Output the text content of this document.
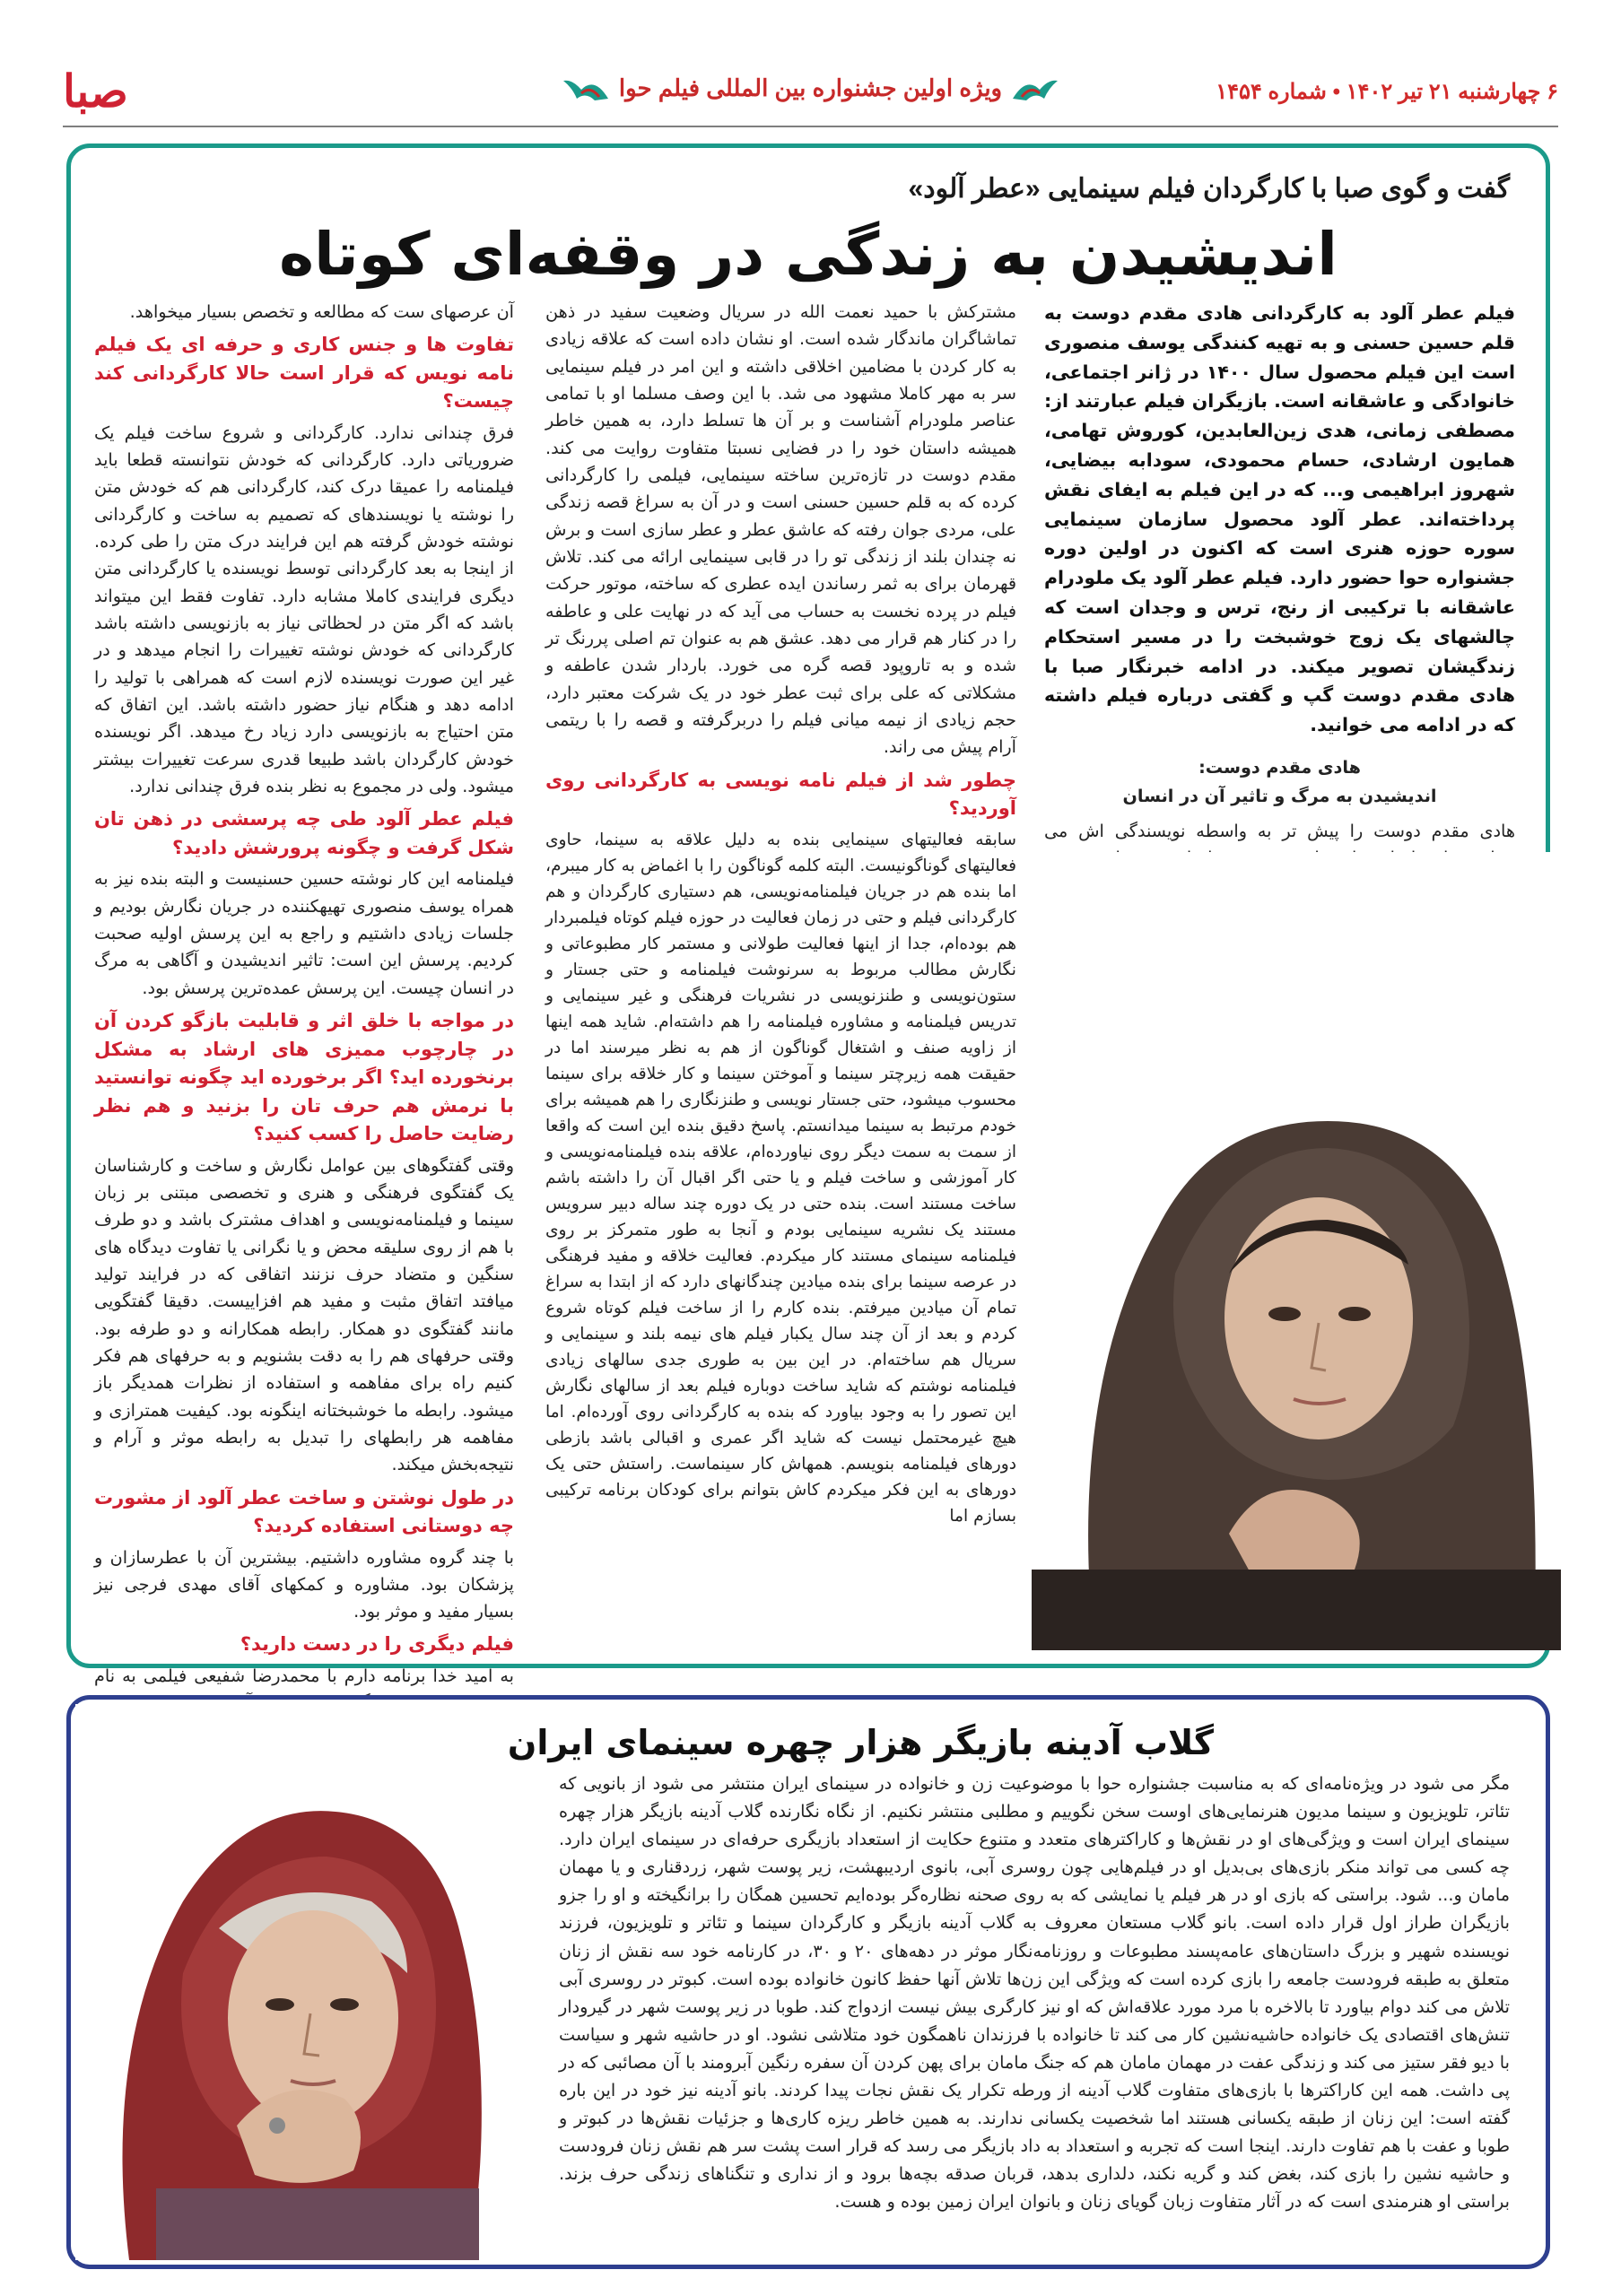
۶ چهارشنبه ۲۱ تیر ۱۴۰۲ • شماره ۱۴۵۴
ویژه اولین جشنواره بین المللی فیلم حوا
صبا
گفت و گوی صبا با کارگردان فیلم سینمایی «عطر آلود»
اندیشیدن به زندگی در وقفه‌ای کوتاه

فیلم عطر آلود به کارگردانی هادی مقدم دوست به قلم حسین حسنی و به تهیه کنندگی یوسف منصوری است این فیلم محصول سال ۱۴۰۰ در ژانر اجتماعی، خانوادگی و عاشقانه است. بازیگران فیلم عبارتند از: مصطفی زمانی، هدی زین‌العابدین، کوروش تهامی، همایون ارشادی، حسام محمودی، سودابه بیضایی، شهروز ابراهیمی و... که در این فیلم به ایفای نقش پرداخته‌اند. عطر آلود محصول سازمان سینمایی سوره حوزه هنری است که اکنون در اولین دوره جشنواره حوا حضور دارد. فیلم عطر آلود یک ملودرام عاشقانه با ترکیبی از رنج، ترس و وجدان است که چالشهای یک زوج خوشبخت را در مسیر استحکام زندگیشان تصویر میکند. در ادامه خبرنگار صبا با هادی مقدم دوست گپ و گفتی درباره فیلم داشته که در ادامه می خوانید.

هادی مقدم دوست:
اندیشیدن به مرگ و تاثیر آن در انسان

هادی مقدم دوست را پیش تر به واسطه نویسندگی اش می

مشترکش با حمید نعمت الله در سریال وضعیت سفید در ذهن تماشاگران ماندگار شده است. او نشان داده است که علاقه زیادی به کار کردن با مضامین اخلاقی داشته و این امر در فیلم سینمایی سر به مهر کاملا مشهود می شد. با این وصف مسلما او با تمامی عناصر ملودرام آشناست و بر آن ها تسلط دارد، به همین خاطر همیشه داستان خود را در فضایی نسبتا متفاوت روایت می کند. مقدم دوست در تازه‌ترین ساخته سینمایی، فیلمی را کارگردانی کرده که به قلم حسین حسنی است و در آن به سراغ قصه زندگی علی، مردی جوان رفته که عاشق عطر و عطر سازی است و برش نه چندان بلند از زندگی تو را در قابی سینمایی ارائه می کند. تلاش قهرمان برای به ثمر رساندن ایده عطری که ساخته، موتور حرکت فیلم در پرده نخست به حساب می آید که در نهایت علی و عاطفه را در کنار هم قرار می دهد. عشق هم به عنوان تم اصلی پررنگ تر شده و به تاروپود قصه گره می خورد. باردار شدن عاطفه و مشکلاتی که علی برای ثبت عطر خود در یک شرکت معتبر دارد، حجم زیادی از نیمه میانی فیلم را دربرگرفته و قصه را با ریتمی آرام پیش می راند.

چطور شد از فیلم نامه نویسی به کارگردانی روی آوردید؟

سابقه فعالیتهای سینمایی بنده به دلیل علاقه به سینما، حاوی فعالیتهای گوناگونیست. البته کلمه گوناگون را با اغماض به کار میبرم، اما بنده هم در جریان فیلمنامه‌نویسی، هم دستیاری کارگردان و هم کارگردانی فیلم و حتی در زمان فعالیت در حوزه فیلم کوتاه فیلمبردار هم بوده‌ام، جدا از اینها فعالیت طولانی و مستمر کار مطبوعاتی و نگارش مطالب مربوط به سرنوشت فیلمنامه و حتی جستار و ستون‌نویسی و طنزنویسی در نشریات فرهنگی و غیر سینمایی و تدریس فیلمنامه و مشاوره فیلمنامه را هم داشته‌ام. شاید همه اینها از زاویه صنف و اشتغال گوناگون از هم به نظر میرسند اما در حقیقت همه زیرچتر سینما و آموختن سینما و کار خلاقه برای سینما محسوب میشود، حتی جستار نویسی و طنزنگاری را هم همیشه برای خودم مرتبط به سینما میدانستم. پاسخ دقیق بنده این است که واقعا از سمت به سمت دیگر روی نیاورده‌ام، علاقه بنده فیلمنامه‌نویسی و کار آموزشی و ساخت فیلم و یا حتی اگر اقبال آن را داشته باشم ساخت مستند است. بنده حتی در یک دوره چند ساله دبیر سرویس مستند یک نشریه سینمایی بودم و آنجا به طور متمرکز بر روی فیلمنامه سینمای مستند کار میکردم. فعالیت خلاقه و مفید فرهنگی در عرصه سینما برای بنده میادین چندگانهای دارد که از ابتدا به سراغ تمام آن میادین میرفتم. بنده کارم را از ساخت فیلم کوتاه شروع کردم و بعد از آن چند سال یکبار فیلم های نیمه بلند و سینمایی و سریال هم ساخته‌ام. در این بین به طوری جدی سالهای زیادی فیلمنامه نوشتم که شاید ساخت دوباره فیلم بعد از سالهای نگارش این تصور را به وجود بیاورد که بنده به کارگردانی روی آورده‌ام. اما هیچ غیرمحتمل نیست که شاید اگر عمری و اقبالی باشد بازطی دورهای فیلمنامه بنویسم. همهاش کار سینماست. راستش حتی یک دورهای به این فکر میکردم کاش بتوانم برای کودکان برنامه ترکیبی بسازم اما

آن عرصهای ست که مطالعه و تخصص بسیار میخواهد.

تفاوت ها و جنس کاری و حرفه ای یک فیلم نامه نویس که قرار است حالا کارگردانی کند چیست؟

فرق چندانی ندارد. کارگردانی و شروع ساخت فیلم یک ضروریاتی دارد. کارگردانی که خودش نتوانسته قطعا باید فیلمنامه را عمیقا درک کند، کارگردانی هم که خودش متن را نوشته یا نویسندهای که تصمیم به ساخت و کارگردانی نوشته خودش گرفته هم این فرایند درک متن را طی کرده. از اینجا به بعد کارگردانی توسط نویسنده یا کارگردانی متن دیگری فرایندی کاملا مشابه دارد. تفاوت فقط این میتواند باشد که اگر متن در لحظاتی نیاز به بازنویسی داشته باشد کارگردانی که خودش نوشته تغییرات را انجام میدهد و در غیر این صورت نویسنده لازم است که همراهی با تولید را ادامه دهد و هنگام نیاز حضور داشته باشد. این اتفاق که متن احتیاج به بازنویسی دارد زیاد رخ میدهد. اگر نویسنده خودش کارگردان باشد طبیعا قدری سرعت تغییرات بیشتر میشود. ولی در مجموع به نظر بنده فرق چندانی ندارد.

فیلم عطر آلود طی چه پرسشی در ذهن تان شکل گرفت و چگونه پرورشش دادید؟

فیلمنامه این کار نوشته حسین حسنیست و البته بنده نیز به همراه یوسف منصوری تهیهکننده در جریان نگارش بودیم و جلسات زیادی داشتیم و راجع به این پرسش اولیه صحبت کردیم. پرسش این است: تاثیر اندیشیدن و آگاهی به مرگ در انسان چیست. این پرسش عمده‌ترین پرسش بود.

در مواجه با خلق اثر و قابلیت بازگو کردن آن در چارچوب ممیزی های ارشاد به مشکل برنخورده اید؟ اگر برخورده اید چگونه توانستید با نرمش هم حرف تان را بزنید و هم نظر رضایت حاصل را کسب کنید؟

وقتی گفتگوهای بین عوامل نگارش و ساخت و کارشناسان یک گفتگوی فرهنگی و هنری و تخصصی مبتنی بر زبان سینما و فیلمنامه‌نویسی و اهداف مشترک باشد و دو طرف با هم از روی سلیقه محض و یا نگرانی یا تفاوت دیدگاه های سنگین و متضاد حرف نزنند اتفاقی که در فرایند تولید میافتد اتفاق مثبت و مفید هم افزاییست. دقیقا گفتگویی مانند گفتگوی دو همکار. رابطه همکارانه و دو طرفه بود. وقتی حرفهای هم را به دقت بشنویم و به حرفهای هم فکر کنیم راه برای مفاهمه و استفاده از نظرات همدیگر باز میشود. رابطه ما خوشبختانه اینگونه بود. کیفیت همترازی و مفاهمه هر رابطهای را تبدیل به رابطه موثر و آرام و نتیجه‌بخش میکند.

در طول نوشتن و ساخت عطر آلود از مشورت چه دوستانی استفاده کردید؟

با چند گروه مشاوره داشتیم. بیشترین آن با عطرسازان و پزشکان بود. مشاوره و کمکهای آقای مهدی فرجی نیز بسیار مفید و موثر بود.

فیلم دیگری را در دست دارید؟

به امید خدا برنامه دارم با محمدرضا شفیعی فیلمی به نام

گلاب آدینه بازیگر هزار چهره سینمای ایران
مگر می شود در ویژه‌نامه‌ای که به مناسبت جشنواره حوا با موضوعیت زن و خانواده در سینمای ایران منتشر می شود از بانویی که تئاتر، تلویزیون و سینما مدیون هنرنمایی‌های اوست سخن نگوییم و مطلبی منتشر نکنیم. از نگاه نگارنده گلاب آدینه بازیگر هزار چهره سینمای ایران است و ویژگی‌های او در نقش‌ها و کاراکترهای متعدد و متنوع حکایت از استعداد بازیگری حرفه‌ای در سینمای ایران دارد. چه کسی می تواند منکر بازی‌های بی‌بدیل او در فیلم‌هایی چون روسری آبی، بانوی اردیبهشت، زیر پوست شهر، زردقناری و یا مهمان مامان و... شود. براستی که بازی او در هر فیلم یا نمایشی که به روی صحنه نظاره‌گر بوده‌ایم تحسین همگان را برانگیخته و او را جزو بازیگران طراز اول قرار داده است. بانو گلاب مستعان معروف به گلاب آدینه بازیگر و کارگردان سینما و تئاتر و تلویزیون، فرزند نویسنده شهیر و بزرگ داستان‌های عامه‌پسند مطبوعات و روزنامه‌نگار موثر در دهه‌های ۲۰ و ۳۰، در کارنامه خود سه نقش از زنان متعلق به طبقه فرودست جامعه را بازی کرده است که ویژگی این زن‌ها تلاش آنها حفظ کانون خانواده بوده است. کبوتر در روسری آبی تلاش می کند دوام بیاورد تا بالاخره با مرد مورد علاقه‌اش که او نیز کارگری بیش نیست ازدواج کند. طوبا در زیر پوست شهر در گیرودار تنش‌های اقتصادی یک خانواده حاشیه‌نشین کار می کند تا خانواده با فرزندان ناهمگون خود متلاشی نشود. او در حاشیه شهر و سیاست با دیو فقر ستیز می کند و زندگی عفت در مهمان مامان هم که جنگ مامان برای پهن کردن آن سفره رنگین آبرومند با آن مصائبی که در پی داشت. همه این کاراکترها با بازی‌های متفاوت گلاب آدینه از ورطه تکرار یک نقش نجات پیدا کردند. بانو آدینه نیز خود در این باره گفته است: این زنان از طبقه یکسانی هستند اما شخصیت یکسانی ندارند. به همین خاطر ریزه کاری‌ها و جزئیات نقش‌ها در کبوتر و طوبا و عفت با هم تفاوت دارند. اینجا است که تجربه و استعداد به داد بازیگر می رسد که قرار است پشت سر هم نقش زنان فرودست و حاشیه نشین را بازی کند، بغض کند و گریه نکند، دلداری بدهد، قربان صدقه بچه‌ها برود و از نداری و تنگناهای زندگی حرف بزند. براستی او هنرمندی است که در آثار متفاوت زبان گویای زنان و بانوان ایران زمین بوده و هست.
